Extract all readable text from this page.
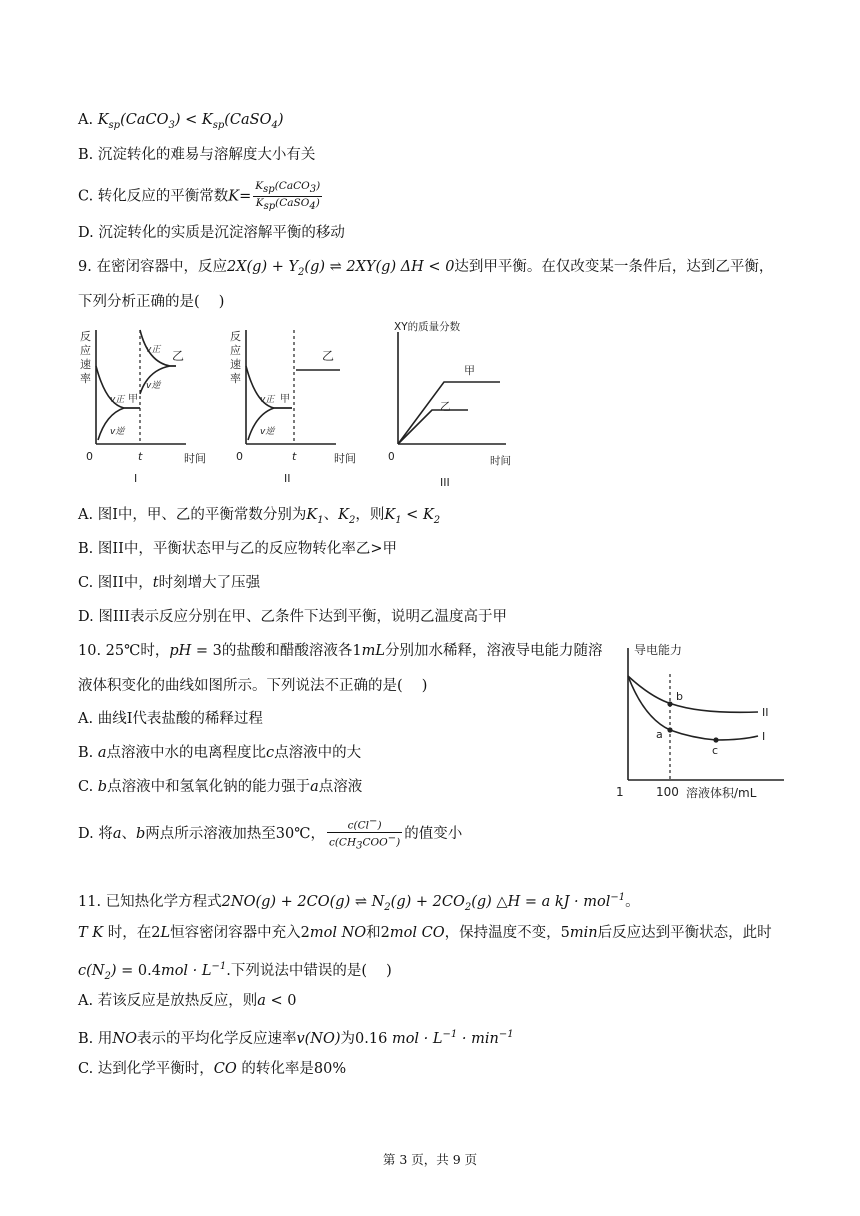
A. $K_{sp}(CaCO_3)$ < $K_{sp}(CaSO_4)$
B. 沉淀转化的难易与溶解度大小有关
C. 转化反应的平衡常数$K= \frac{K_{sp}(CaCO_3)}{K_{sp}(CaSO_4)}$
D. 沉淀转化的实质是沉淀溶解平衡的移动
9. 在密闭容器中，反应$2X(g) + Y_2(g)$ ⇌ 2XY(g) ΔH < 0达到甲平衡。在仅改变某一条件后，达到乙平衡，
下列分析正确的是(　 )
反
应
速
率
0	t	时间
I
v正 甲
v逆
v正
v逆
乙
反
应
速
率
0	t	时间
II
v正 甲
v逆
乙
XY的质量分数
0	时间
III
甲
乙
A. 图I中，甲、乙的平衡常数分别为$K_1$、$K_2$，则$K_1 < K_2$
B. 图II中，平衡状态甲与乙的反应物转化率乙>甲
C. 图II中，t时刻增大了压强
D. 图III表示反应分别在甲、乙条件下达到平衡，说明乙温度高于甲
10. 25℃时，pH = 3的盐酸和醋酸溶液各1mL分别加水稀释，溶液导电能力随溶
液体积变化的曲线如图所示。下列说法不正确的是(　 )
A. 曲线I代表盐酸的稀释过程
B. a点溶液中水的电离程度比c点溶液中的大
C. b点溶液中和氢氧化钠的能力强于a点溶液
D. 将a、b两点所示溶液加热至30℃， $\frac{c(Cl^-)}{c(CH_3COO^-)}$ 的值变小
导电能力
1	100 溶液体积/mL
II
I
b
a
c
11. 已知热化学方程式2NO(g) + 2CO(g) ⇌ $N_2(g) + 2CO_2(g)$ △H = a kJ · mol$^{-1}$。
T K 时，在2L恒容密闭容器中充入2mol NO和2mol CO，保持温度不变，5min后反应达到平衡状态，此时
$c(N_2) = 0.4mol \cdot L^{-1}$.下列说法中错误的是(　 )
A. 若该反应是放热反应，则a < 0
B. 用NO表示的平均化学反应速率v(NO)为0.16 mol · $L^{-1} \cdot \min^{-1}$
C. 达到化学平衡时，CO 的转化率是80%
第 3 页，共 9 页
